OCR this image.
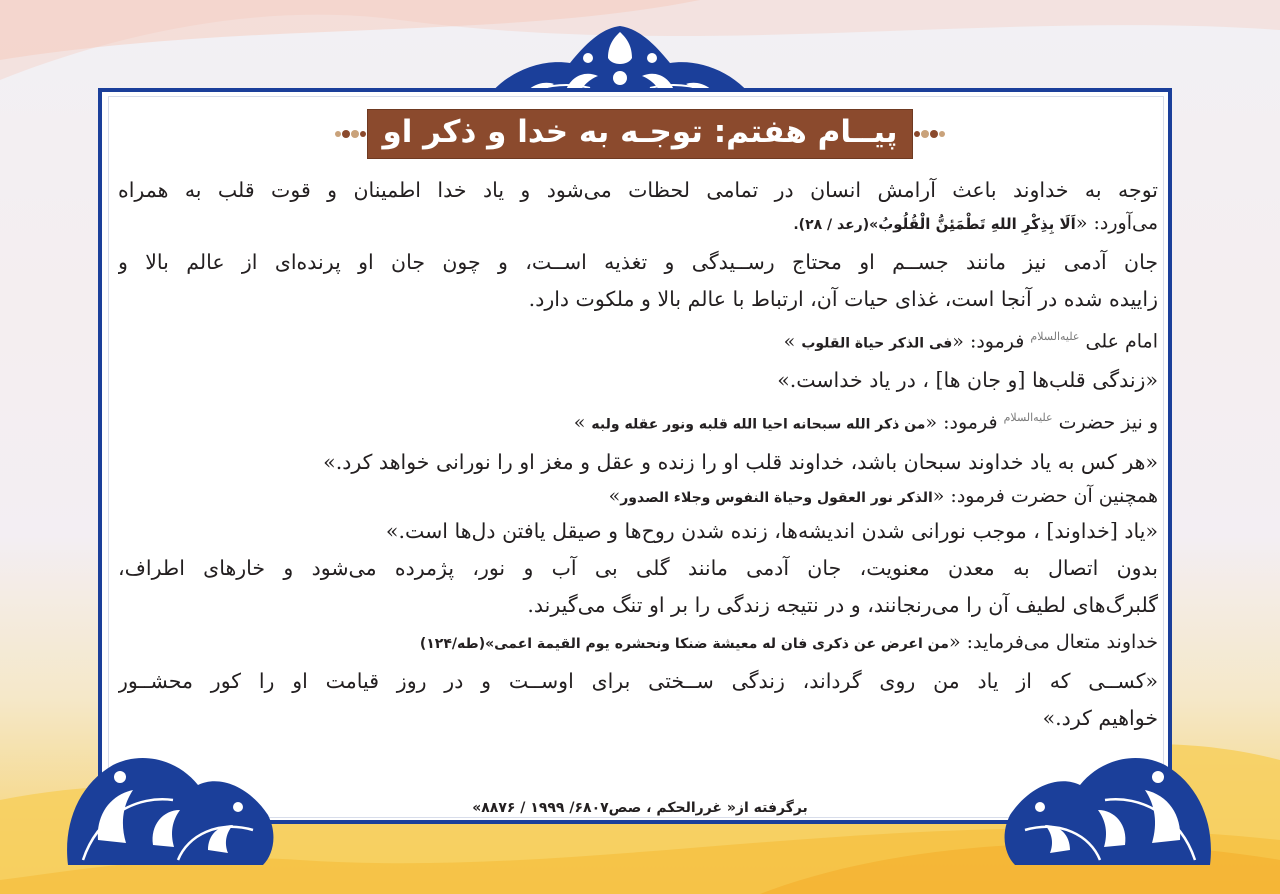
پیــام هفتم: توجـه به خدا و ذکر او
توجه به خداوند باعث آرامش انسان در تمامی لحظات می‌شود و یاد خدا اطمینان و قوت قلب به همراه
می‌آورد: «اَلَا بِذِکْرِ اللهِ تَطْمَئِنُّ الْقُلُوبُ»(رعد / ۲۸).
جان آدمی نیز مانند جســم او محتاج رســیدگی و تغذیه اســت، و چون جان او پرنده‌ای از عالم بالا و
زاییده شده در آنجا است، غذای حیات آن، ارتباط با عالم بالا و ملکوت دارد.
امام علی $^{علیه‌السلام}$ فرمود: «فی الذکر حیاة القلوب »
«زندگی قلب‌ها [و جان ها] ، در یاد خداست.»
و نیز حضرت $^{علیه‌السلام}$ فرمود: «من ذکر الله سبحانه احیا الله قلبه ونور عقله ولبه »
«هر کس به یاد خداوند سبحان باشد، خداوند قلب او را زنده و عقل و مغز او را نورانی خواهد کرد.»
همچنین آن حضرت فرمود: «الذکر نور العقول وحیاة النفوس وجلاء الصدور»
«یاد [خداوند] ، موجب نورانی شدن اندیشه‌ها، زنده شدن روح‌ها و صیقل یافتن دل‌ها است.»
بدون اتصال به معدن معنویت، جان آدمی مانند گلی بی آب و نور، پژمرده می‌شود و خارهای اطراف،
گلبرگ‌های لطیف آن را می‌رنجانند، و در نتیجه زندگی را بر او تنگ می‌گیرند.
خداوند متعال می‌فرماید: «من اعرض عن ذکری فان له معیشة ضنکا ونحشره یوم القیمة اعمی»(طه/۱۲۴)
«کســی که از یاد من روی گرداند، زندگی ســختی برای اوســت و در روز قیامت او را کور محشــور
خواهیم کرد.»
برگرفته از« غررالحکم ، صص۶۸۰۷/ ۱۹۹۹ / ۸۸۷۶»
